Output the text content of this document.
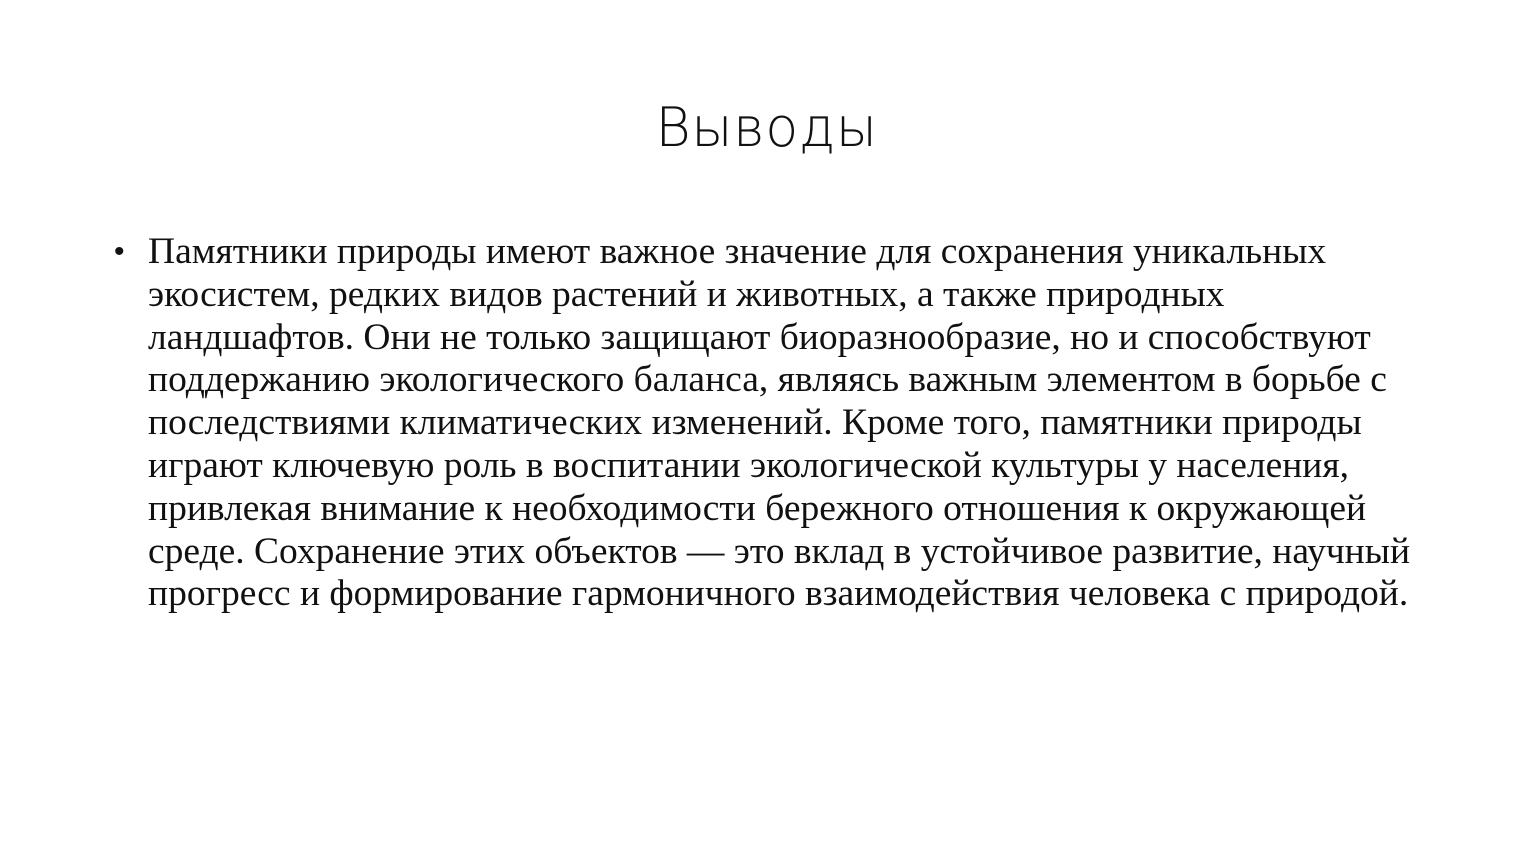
Выводы
• Памятники природы имеют важное значение для сохранения уникальных экосистем, редких видов растений и животных, а также природных ландшафтов. Они не только защищают биоразнообразие, но и способствуют поддержанию экологического баланса, являясь важным элементом в борьбе с последствиями климатических изменений. Кроме того, памятники природы играют ключевую роль в воспитании экологической культуры у населения, привлекая внимание к необходимости бережного отношения к окружающей среде. Сохранение этих объектов — это вклад в устойчивое развитие, научный прогресс и формирование гармоничного взаимодействия человека с природой.
